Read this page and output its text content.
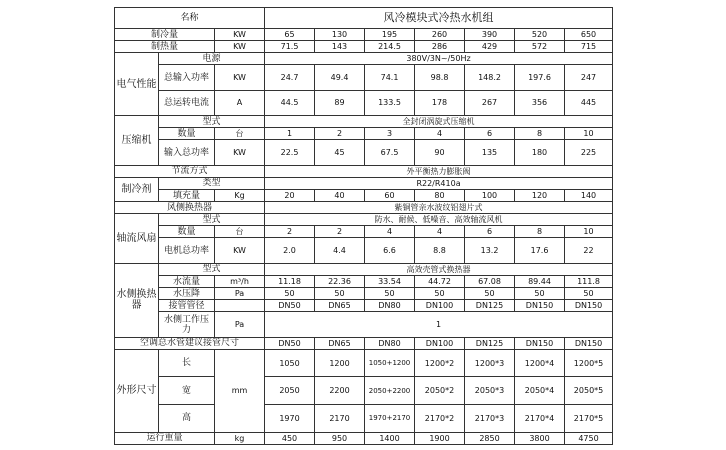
名称			风冷模块式冷热水机组						
制冷量		KW	65	130	195	260	390	520	650
制热量		KW	71.5	143	214.5	286	429	572	715
电气性能	电源		380V/3N~/50Hz						
	总输入功率	KW	24.7	49.4	74.1	98.8	148.2	197.6	247
	总运转电流	A	44.5	89	133.5	178	267	356	445
压缩机	型式		全封闭涡旋式压缩机						
	数量	台	1	2	3	4	6	8	10
	输入总功率	KW	22.5	45	67.5	90	135	180	225
节流方式			外平衡热力膨胀阀						
制冷剂	类型		R22/R410a						
	填充量	Kg	20	40	60	80	100	120	140
风侧换热器			紫铜管亲水波纹铝翅片式						
轴流风扇	型式		防水、耐候、低噪音、高效轴流风机						
	数量	台	2	2	4	4	6	8	10
	电机总功率	KW	2.0	4.4	6.6	8.8	13.2	17.6	22
水侧换热器	型式		高效壳管式换热器						
	水流量	m³/h	11.18	22.36	33.54	44.72	67.08	89.44	111.8
	水压降	Pa	50	50	50	50	50	50	50
	接管管径		DN50	DN65	DN80	DN100	DN125	DN150	DN150
	水侧工作压力	Pa	1						
空调总水管建议接管尺寸			DN50	DN65	DN80	DN100	DN125	DN150	DN150
外形尺寸	长	mm	1050	1200	1050+1200	1200*2	1200*3	1200*4	1200*5
	宽		2050	2200	2050+2200	2050*2	2050*3	2050*4	2050*5
	高		1970	2170	1970+2170	2170*2	2170*3	2170*4	2170*5
运行重量		kg	450	950	1400	1900	2850	3800	4750
